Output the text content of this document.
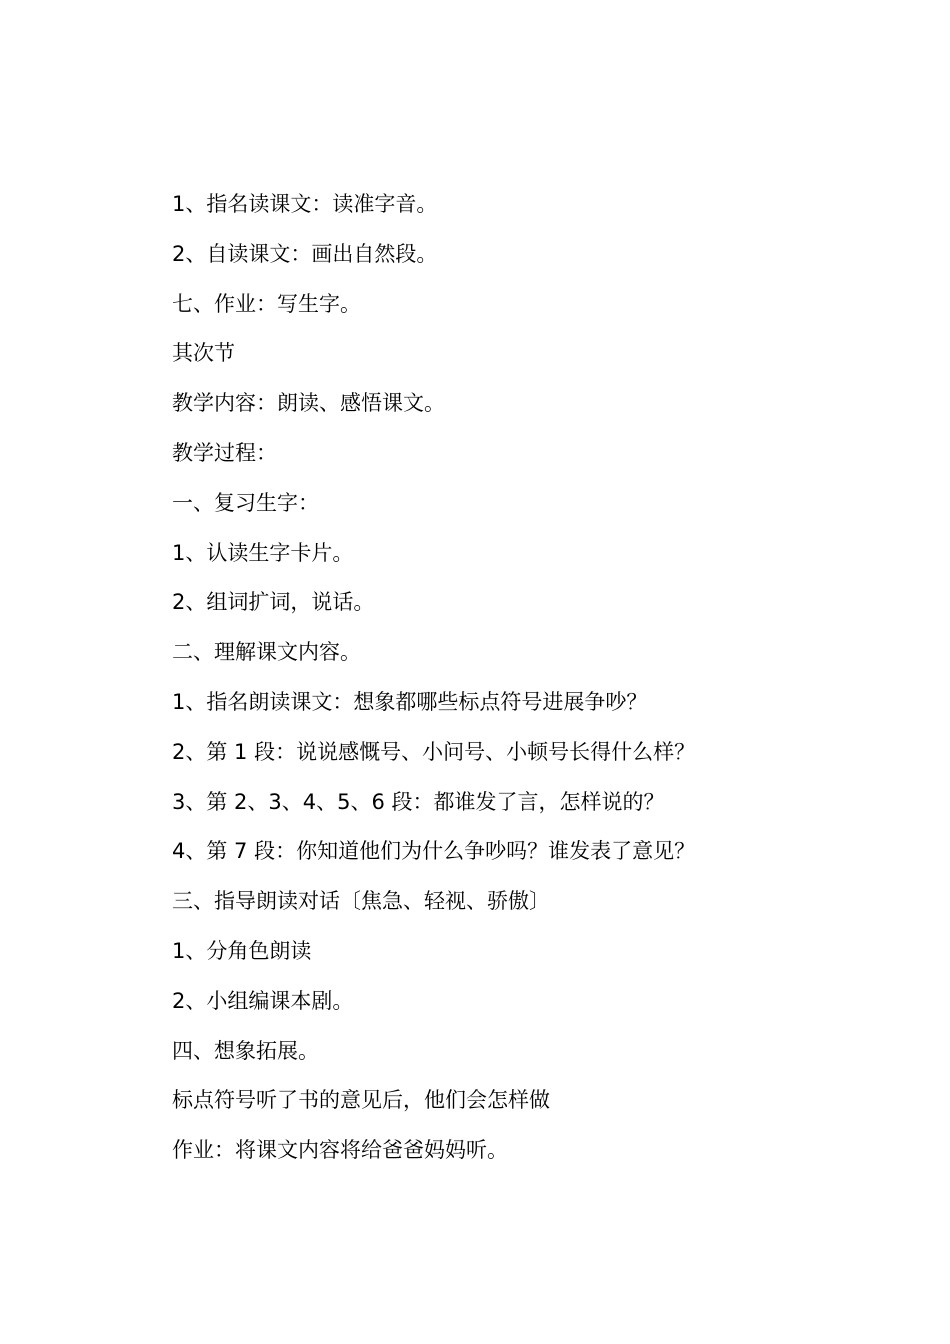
1、指名读课文：读准字音。
2、自读课文：画出自然段。
七、作业：写生字。
其次节
教学内容：朗读、感悟课文。
教学过程：
一、复习生字：
1、认读生字卡片。
2、组词扩词，说话。
二、理解课文内容。
1、指名朗读课文：想象都哪些标点符号进展争吵？
2、第 1 段：说说感慨号、小问号、小顿号长得什么样？
3、第 2、3、4、5、6 段：都谁发了言，怎样说的？
4、第 7 段：你知道他们为什么争吵吗？谁发表了意见？
三、指导朗读对话〔焦急、轻视、骄傲〕
1、分角色朗读
2、小组编课本剧。
四、想象拓展。
标点符号听了书的意见后，他们会怎样做
作业：将课文内容将给爸爸妈妈听。
